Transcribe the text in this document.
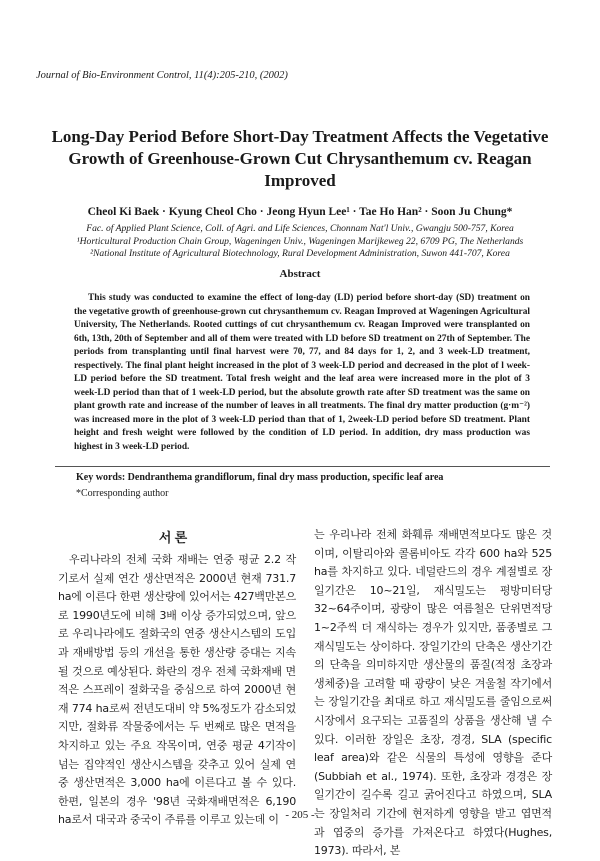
Journal of Bio-Environment Control, 11(4):205-210, (2002)
Long-Day Period Before Short-Day Treatment Affects the Vegetative Growth of Greenhouse-Grown Cut Chrysanthemum cv. Reagan Improved
Cheol Ki Baek · Kyung Cheol Cho · Jeong Hyun Lee¹ · Tae Ho Han² · Soon Ju Chung*
Fac. of Applied Plant Science, Coll. of Agri. and Life Sciences, Chonnam Nat'l Univ., Gwangju 500-757, Korea
¹Horticultural Production Chain Group, Wageningen Univ., Wageningen Marijkeweg 22, 6709 PG, The Netherlands
²National Institute of Agricultural Biotechnology, Rural Development Administration, Suwon 441-707, Korea
Abstract
This study was conducted to examine the effect of long-day (LD) period before short-day (SD) treatment on the vegetative growth of greenhouse-grown cut chrysanthemum cv. Reagan Improved at Wageningen Agricultural University, The Netherlands. Rooted cuttings of cut chrysanthemum cv. Reagan Improved were transplanted on 6th, 13th, 20th of September and all of them were treated with LD before SD treatment on 27th of September. The periods from transplanting until final harvest were 70, 77, and 84 days for 1, 2, and 3 week-LD treatment, respectively. The final plant height increased in the plot of 3 week-LD period and decreased in the plot of l week-LD period before the SD treatment. Total fresh weight and the leaf area were increased more in the plot of 3 week-LD period than that of 1 week-LD period, but the absolute growth rate after SD treatment was the same on plant growth rate and increase of the number of leaves in all treatments. The final dry matter production (g·m⁻²) was increased more in the plot of 3 week-LD period than that of 1, 2week-LD period before SD treatment. Plant height and fresh weight were followed by the condition of LD period. In addition, dry mass production was highest in 3 week-LD period.
Key words: Dendranthema grandiflorum, final dry mass production, specific leaf area
*Corresponding author
서 론
우리나라의 전체 국화 재배는 연중 평균 2.2 작기로서 실제 연간 생산면적은 2000년 현재 731.7 ha에 이른다 한편 생산량에 있어서는 427백만본으로 1990년도에 비해 3배 이상 증가되었으며, 앞으로 우리나라에도 절화국의 연중 생산시스템의 도입과 재배방법 등의 개선을 통한 생산량 증대는 지속될 것으로 예상된다. 화란의 경우 전체 국화재배 면적은 스프레이 절화국을 중심으로 하여 2000년 현재 774 ha로써 전년도대비 약 5%정도가 감소되었지만, 절화류 작물중에서는 두 번째로 많은 면적을 차지하고 있는 주요 작목이며, 연중 평균 4기작이 넘는 집약적인 생산시스템을 갖추고 있어 실제 연중 생산면적은 3,000 ha에 이른다고 볼 수 있다. 한편, 일본의 경우 '98년 국화재배면적은 6,190 ha로서 대국과 중국이 주류를 이루고 있는데 이
는 우리나라 전체 화훼류 재배면적보다도 많은 것이며, 이탈리아와 콜롬비아도 각각 600 ha와 525 ha를 차지하고 있다. 네덜란드의 경우 계절별로 장일기간은 10~21일, 재식밀도는 평방미터당 32~64주이며, 광량이 많은 여름철은 단위면적당 1~2주씩 더 재식하는 경우가 있지만, 품종별로 그 재식밀도는 상이하다. 장일기간의 단축은 생산기간의 단축을 의미하지만 생산물의 품질(적정 초장과 생체중)을 고려할 때 광량이 낮은 겨울철 작기에서는 장일기간을 최대로 하고 재식밀도를 줄임으로써 시장에서 요구되는 고품질의 상품을 생산해 낼 수 있다. 이러한 장일은 초장, 경경, SLA (specific leaf area)와 같은 식물의 특성에 영향을 준다(Subbiah et al., 1974). 또한, 초장과 경경은 장일기간이 길수록 길고 굵어진다고 하였으며, SLA는 장일처리 기간에 현저하게 영향을 받고 엽면적과 엽중의 증가를 가져온다고 하였다(Hughes, 1973). 따라서, 본
- 205 -
